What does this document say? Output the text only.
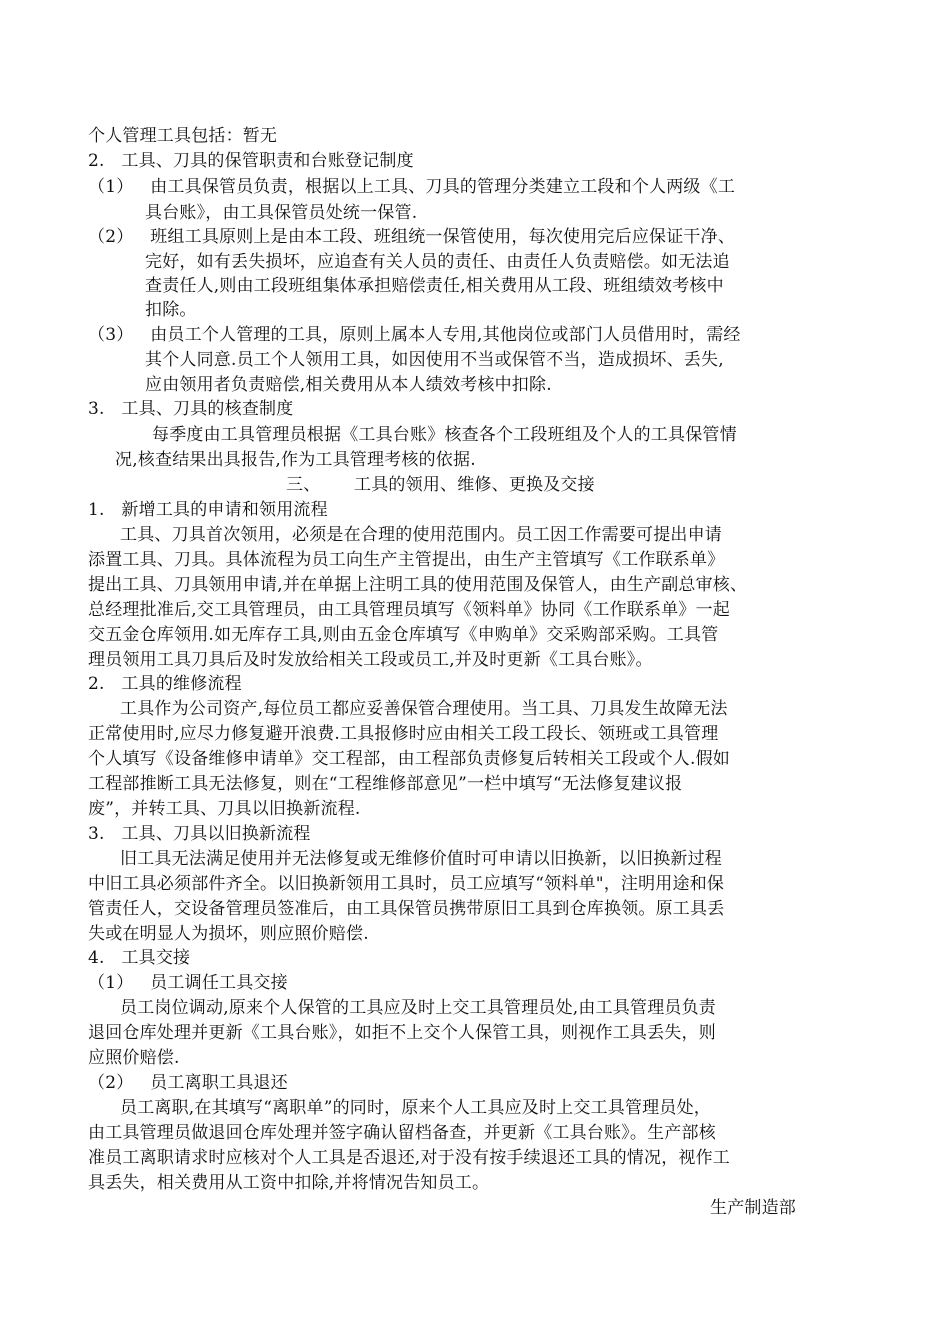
个人管理工具包括：暂无

2.   工具、刀具的保管职责和台账登记制度

（1）   由工具保管员负责，根据以上工具、刀具的管理分类建立工段和个人两级《工

具台账》，由工具保管员处统一保管.

（2）   班组工具原则上是由本工段、班组统一保管使用，每次使用完后应保证干净、

完好，如有丢失损坏，应追查有关人员的责任、由责任人负责赔偿。如无法追

查责任人,则由工段班组集体承担赔偿责任,相关费用从工段、班组绩效考核中

扣除。

（3）   由员工个人管理的工具，原则上属本人专用,其他岗位或部门人员借用时，需经

其个人同意.员工个人领用工具，如因使用不当或保管不当，造成损坏、丢失,

应由领用者负责赔偿,相关费用从本人绩效考核中扣除.

3.   工具、刀具的核查制度

每季度由工具管理员根据《工具台账》核查各个工段班组及个人的工具保管情

况,核查结果出具报告,作为工具管理考核的依据.

三、      工具的领用、维修、更换及交接

1.   新增工具的申请和领用流程

工具、刀具首次领用，必须是在合理的使用范围内。员工因工作需要可提出申请

添置工具、刀具。具体流程为员工向生产主管提出，由生产主管填写《工作联系单》

提出工具、刀具领用申请,并在单据上注明工具的使用范围及保管人，由生产副总审核、

总经理批准后,交工具管理员，由工具管理员填写《领料单》协同《工作联系单》一起

交五金仓库领用.如无库存工具,则由五金仓库填写《申购单》交采购部采购。工具管

理员领用工具刀具后及时发放给相关工段或员工,并及时更新《工具台账》。

2.   工具的维修流程

工具作为公司资产,每位员工都应妥善保管合理使用。当工具、刀具发生故障无法

正常使用时,应尽力修复避开浪费.工具报修时应由相关工段工段长、领班或工具管理

个人填写《设备维修申请单》交工程部，由工程部负责修复后转相关工段或个人.假如

工程部推断工具无法修复，则在“工程维修部意见”一栏中填写“无法修复建议报

废”，并转工具、刀具以旧换新流程.

3.   工具、刀具以旧换新流程

旧工具无法满足使用并无法修复或无维修价值时可申请以旧换新，以旧换新过程

中旧工具必须部件齐全。以旧换新领用工具时，员工应填写“领料单"，注明用途和保

管责任人，交设备管理员签准后，由工具保管员携带原旧工具到仓库换领。原工具丢

失或在明显人为损坏，则应照价赔偿.

4.   工具交接

（1）   员工调任工具交接

员工岗位调动,原来个人保管的工具应及时上交工具管理员处,由工具管理员负责

退回仓库处理并更新《工具台账》，如拒不上交个人保管工具，则视作工具丢失，则

应照价赔偿.

（2）   员工离职工具退还

员工离职,在其填写“离职单”的同时，原来个人工具应及时上交工具管理员处，

由工具管理员做退回仓库处理并签字确认留档备查，并更新《工具台账》。生产部核

准员工离职请求时应核对个人工具是否退还,对于没有按手续退还工具的情况，视作工

具丢失，相关费用从工资中扣除,并将情况告知员工。

生产制造部
